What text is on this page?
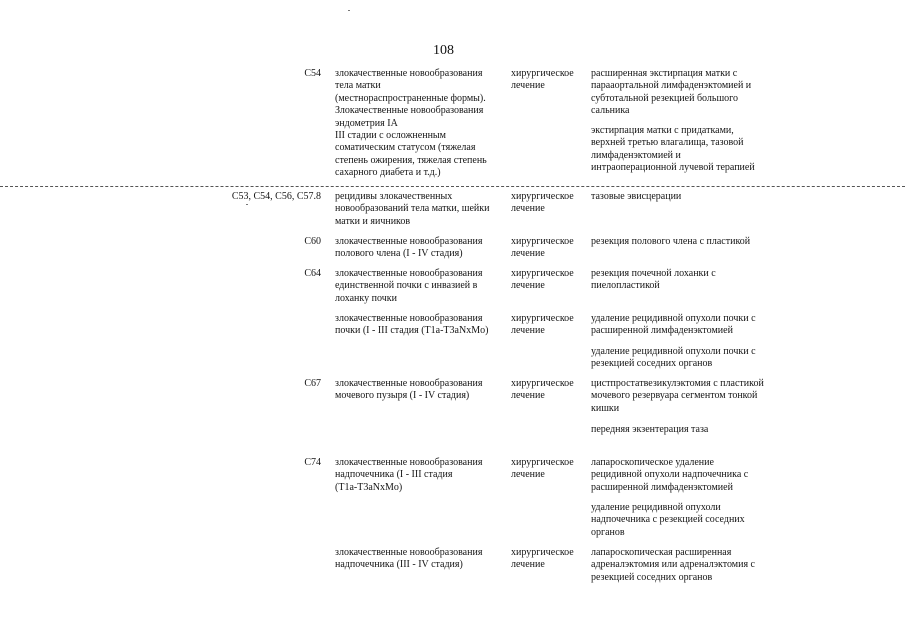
108
C54 злокачественные новообразования
тела матки
(местнораспространенные формы).
Злокачественные новообразования
эндометрия IA
III стадии с осложненным
соматическим статусом (тяжелая
степень ожирения, тяжелая степень
сахарного диабета и т.д.)
хирургическое
лечение
расширенная экстирпация матки с
парааортальной лимфаденэктомией и
субтотальной резекцией большого
сальника
экстирпация матки с придатками,
верхней третью влагалища, тазовой
лимфаденэктомией и
интраоперационной лучевой терапией
C53, C54, C56, C57.8 рецидивы злокачественных
новообразований тела матки, шейки
матки и яичников
хирургическое
лечение
тазовые эвисцерации
C60 злокачественные новообразования
полового члена (I - IV стадия)
хирургическое
лечение
резекция полового члена с пластикой
C64 злокачественные новообразования
единственной почки с инвазией в
лоханку почки
хирургическое
лечение
резекция почечной лоханки с
пиелопластикой
злокачественные новообразования
почки (I - III стадия (T1a-T3aNxMo)
хирургическое
лечение
удаление рецидивной опухоли почки с
расширенной лимфаденэктомией
удаление рецидивной опухоли почки с
резекцией соседних органов
C67 злокачественные новообразования
мочевого пузыря (I - IV стадия)
хирургическое
лечение
цистпростатвезикулэктомия с пластикой
мочевого резервуара сегментом тонкой
кишки
передняя экзентерация таза
C74 злокачественные новообразования
надпочечника (I - III стадия
(T1a-T3aNxMo)
хирургическое
лечение
лапароскопическое удаление
рецидивной опухоли надпочечника с
расширенной лимфаденэктомией
удаление рецидивной опухоли
надпочечника с резекцией соседних
органов
злокачественные новообразования
надпочечника (III - IV стадия)
хирургическое
лечение
лапароскопическая расширенная
адреналэктомия или адреналэктомия с
резекцией соседних органов
